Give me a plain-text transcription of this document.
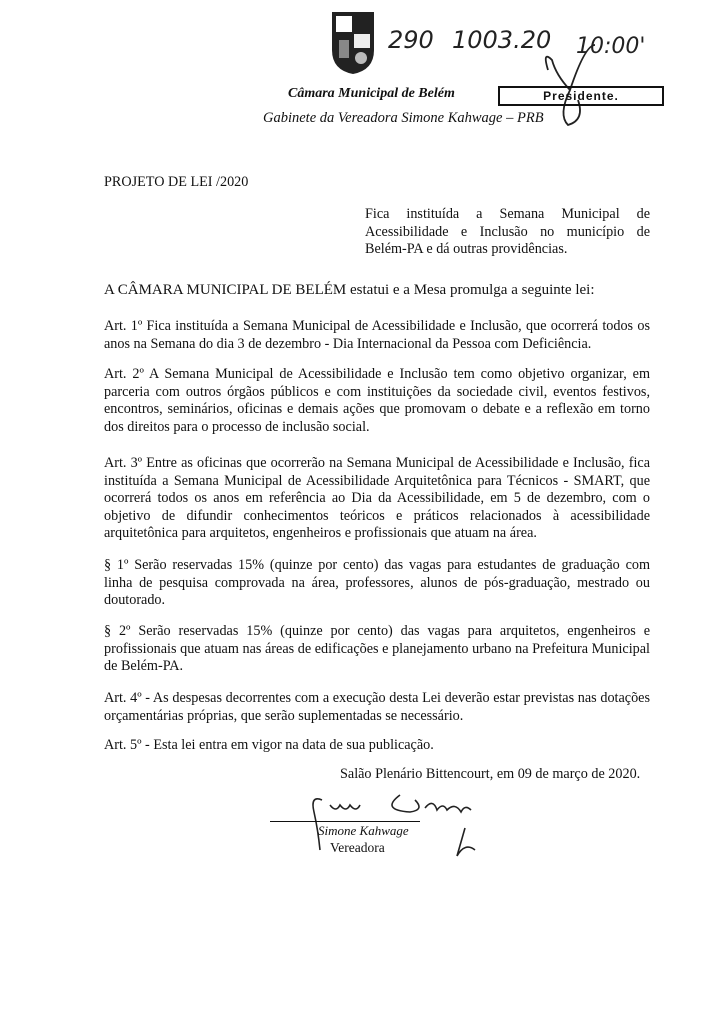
290 1003.20 10:00'
Presidente.
Câmara Municipal de Belém
Gabinete da Vereadora Simone Kahwage – PRB
PROJETO DE LEI /2020
Fica instituída a Semana Municipal de Acessibilidade e Inclusão no município de Belém-PA e dá outras providências.
A CÂMARA MUNICIPAL DE BELÉM estatui e a Mesa promulga a seguinte lei:
Art. 1º Fica instituída a Semana Municipal de Acessibilidade e Inclusão, que ocorrerá todos os anos na Semana do dia 3 de dezembro - Dia Internacional da Pessoa com Deficiência.
Art. 2º A Semana Municipal de Acessibilidade e Inclusão tem como objetivo organizar, em parceria com outros órgãos públicos e com instituições da sociedade civil, eventos festivos, encontros, seminários, oficinas e demais ações que promovam o debate e a reflexão em torno dos direitos para o processo de inclusão social.
Art. 3º Entre as oficinas que ocorrerão na Semana Municipal de Acessibilidade e Inclusão, fica instituída a Semana Municipal de Acessibilidade Arquitetônica para Técnicos - SMART, que ocorrerá todos os anos em referência ao Dia da Acessibilidade, em 5 de dezembro, com o objetivo de difundir conhecimentos teóricos e práticos relacionados à acessibilidade arquitetônica para arquitetos, engenheiros e profissionais que atuam na área.
§ 1º Serão reservadas 15% (quinze por cento) das vagas para estudantes de graduação com linha de pesquisa comprovada na área, professores, alunos de pós-graduação, mestrado ou doutorado.
§ 2º Serão reservadas 15% (quinze por cento) das vagas para arquitetos, engenheiros e profissionais que atuam nas áreas de edificações e planejamento urbano na Prefeitura Municipal de Belém-PA.
Art. 4º - As despesas decorrentes com a execução desta Lei deverão estar previstas nas dotações orçamentárias próprias, que serão suplementadas se necessário.
Art. 5º - Esta lei entra em vigor na data de sua publicação.
Salão Plenário Bittencourt, em 09 de março de 2020.
Simone Kahwage
Vereadora
